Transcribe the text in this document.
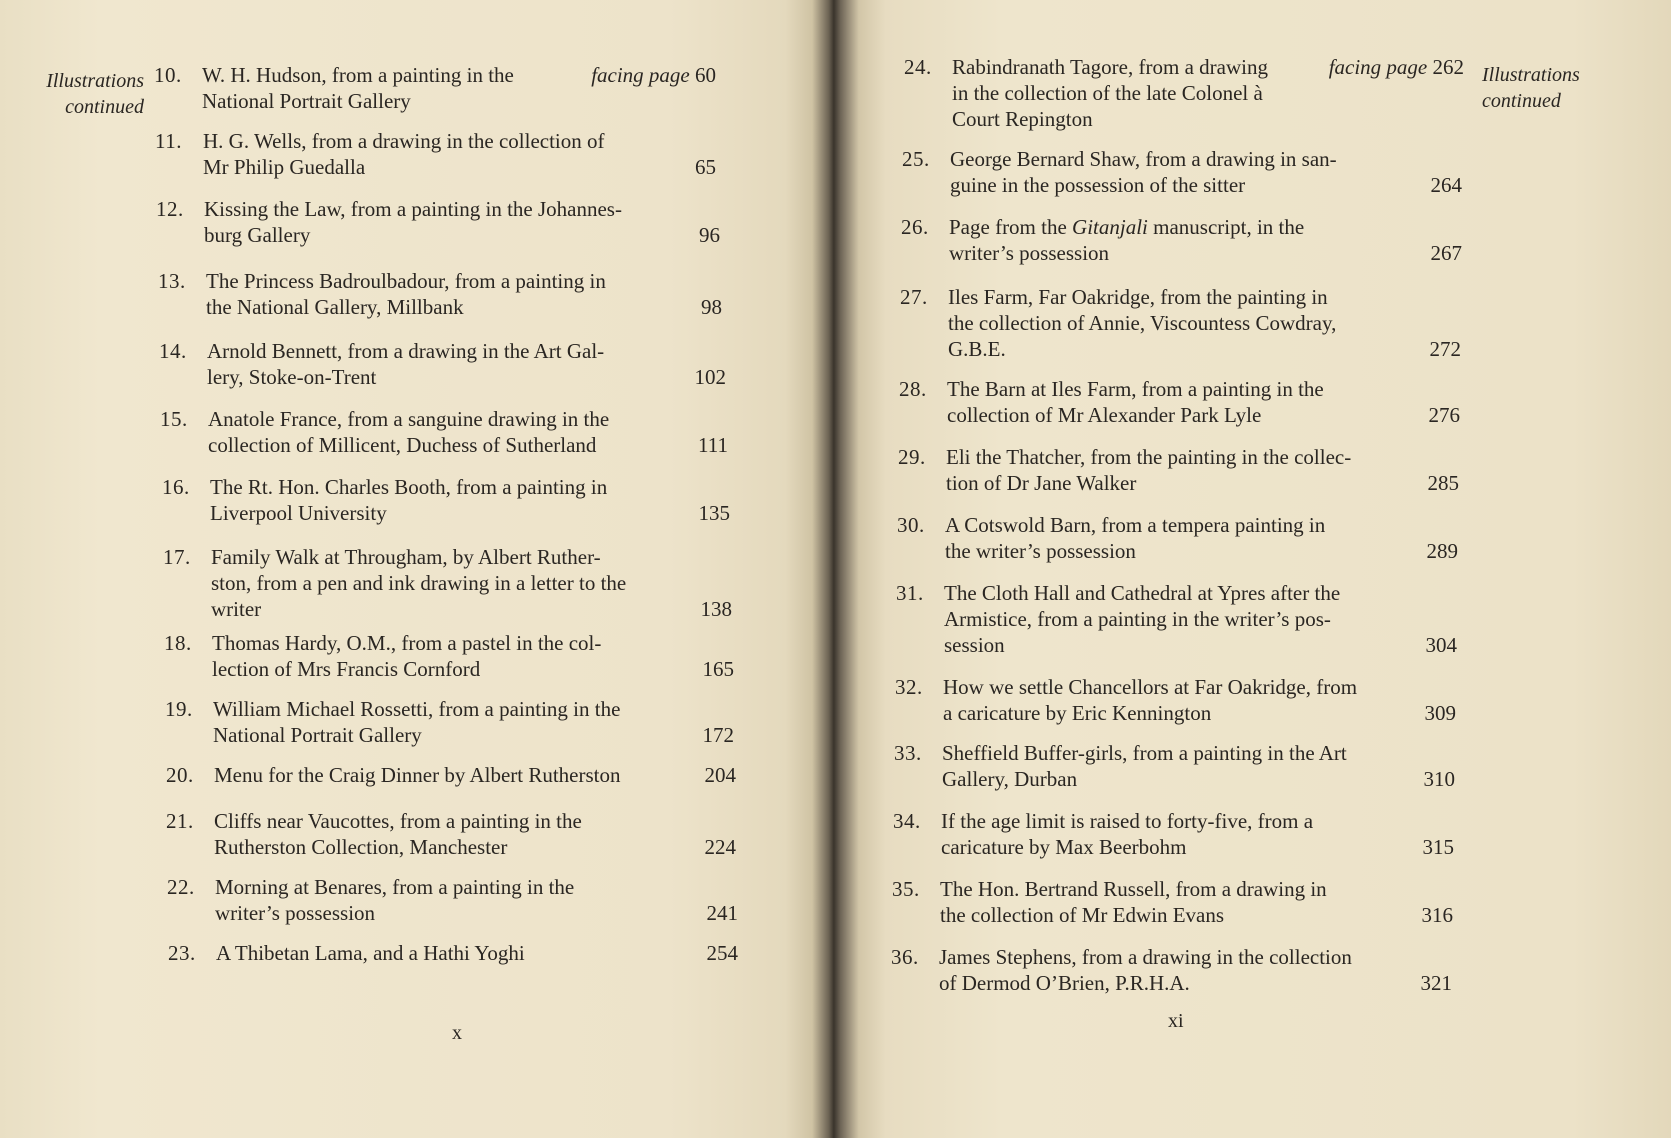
Illustrations
continued
10. W. H. Hudson, from a painting in the
National Portrait Gallery
facing page 60
11. H. G. Wells, from a drawing in the collection of
Mr Philip Guedalla	65
12. Kissing the Law, from a painting in the Johannes-
burg Gallery	96
13. The Princess Badroulbadour, from a painting in
the National Gallery, Millbank	98
14. Arnold Bennett, from a drawing in the Art Gal-
lery, Stoke-on-Trent	102
15. Anatole France, from a sanguine drawing in the
collection of Millicent, Duchess of Sutherland	111
16. The Rt. Hon. Charles Booth, from a painting in
Liverpool University	135
17. Family Walk at Througham, by Albert Ruther-
ston, from a pen and ink drawing in a letter to the
writer	138
18. Thomas Hardy, O.M., from a pastel in the col-
lection of Mrs Francis Cornford	165
19. William Michael Rossetti, from a painting in the
National Portrait Gallery	172
20. Menu for the Craig Dinner by Albert Rutherston	204
21. Cliffs near Vaucottes, from a painting in the
Rutherston Collection, Manchester	224
22. Morning at Benares, from a painting in the
writer’s possession	241
23. A Thibetan Lama, and a Hathi Yoghi	254
x
Illustrations
continued
24. Rabindranath Tagore, from a drawing
in the collection of the late Colonel à
Court Repington
facing page 262
25. George Bernard Shaw, from a drawing in san-
guine in the possession of the sitter	264
26. Page from the Gitanjali manuscript, in the
writer’s possession	267
27. Iles Farm, Far Oakridge, from the painting in
the collection of Annie, Viscountess Cowdray,
G.B.E.	272
28. The Barn at Iles Farm, from a painting in the
collection of Mr Alexander Park Lyle	276
29. Eli the Thatcher, from the painting in the collec-
tion of Dr Jane Walker	285
30. A Cotswold Barn, from a tempera painting in
the writer’s possession	289
31. The Cloth Hall and Cathedral at Ypres after the
Armistice, from a painting in the writer’s pos-
session	304
32. How we settle Chancellors at Far Oakridge, from
a caricature by Eric Kennington	309
33. Sheffield Buffer-girls, from a painting in the Art
Gallery, Durban	310
34. If the age limit is raised to forty-five, from a
caricature by Max Beerbohm	315
35. The Hon. Bertrand Russell, from a drawing in
the collection of Mr Edwin Evans	316
36. James Stephens, from a drawing in the collection
of Dermod O’Brien, P.R.H.A.	321
xi
